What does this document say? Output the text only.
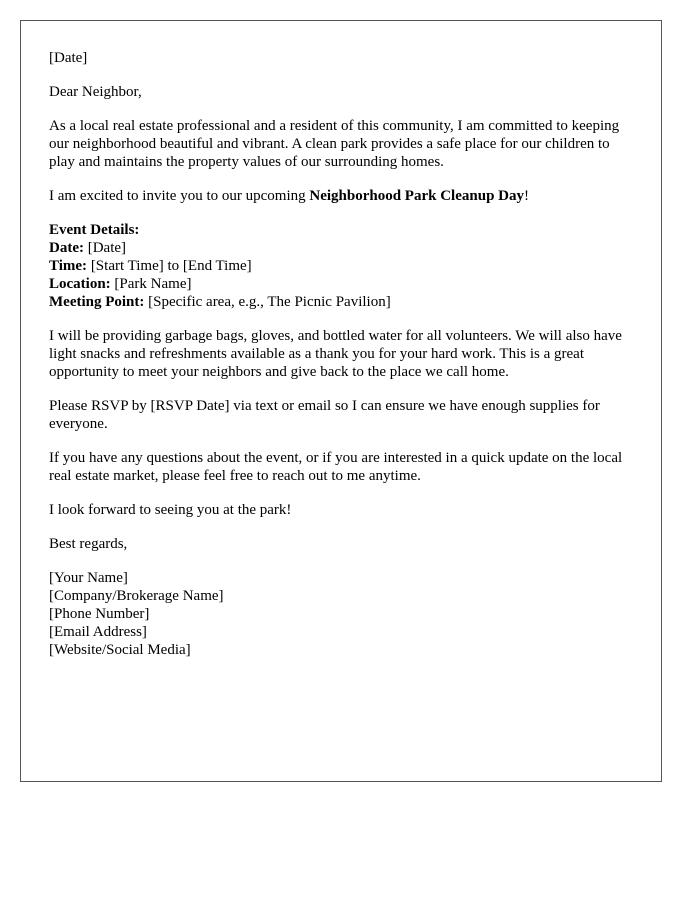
[Date]

Dear Neighbor,

As a local real estate professional and a resident of this community, I am committed to keeping our neighborhood beautiful and vibrant. A clean park provides a safe place for our children to play and maintains the property values of our surrounding homes.

I am excited to invite you to our upcoming Neighborhood Park Cleanup Day!

Event Details:

Date: [Date]

Time: [Start Time] to [End Time]

Location: [Park Name]

Meeting Point: [Specific area, e.g., The Picnic Pavilion]

I will be providing garbage bags, gloves, and bottled water for all volunteers. We will also have light snacks and refreshments available as a thank you for your hard work. This is a great opportunity to meet your neighbors and give back to the place we call home.

Please RSVP by [RSVP Date] via text or email so I can ensure we have enough supplies for everyone.

If you have any questions about the event, or if you are interested in a quick update on the local real estate market, please feel free to reach out to me anytime.

I look forward to seeing you at the park!

Best regards,

[Your Name]

[Company/Brokerage Name]

[Phone Number]

[Email Address]

[Website/Social Media]
